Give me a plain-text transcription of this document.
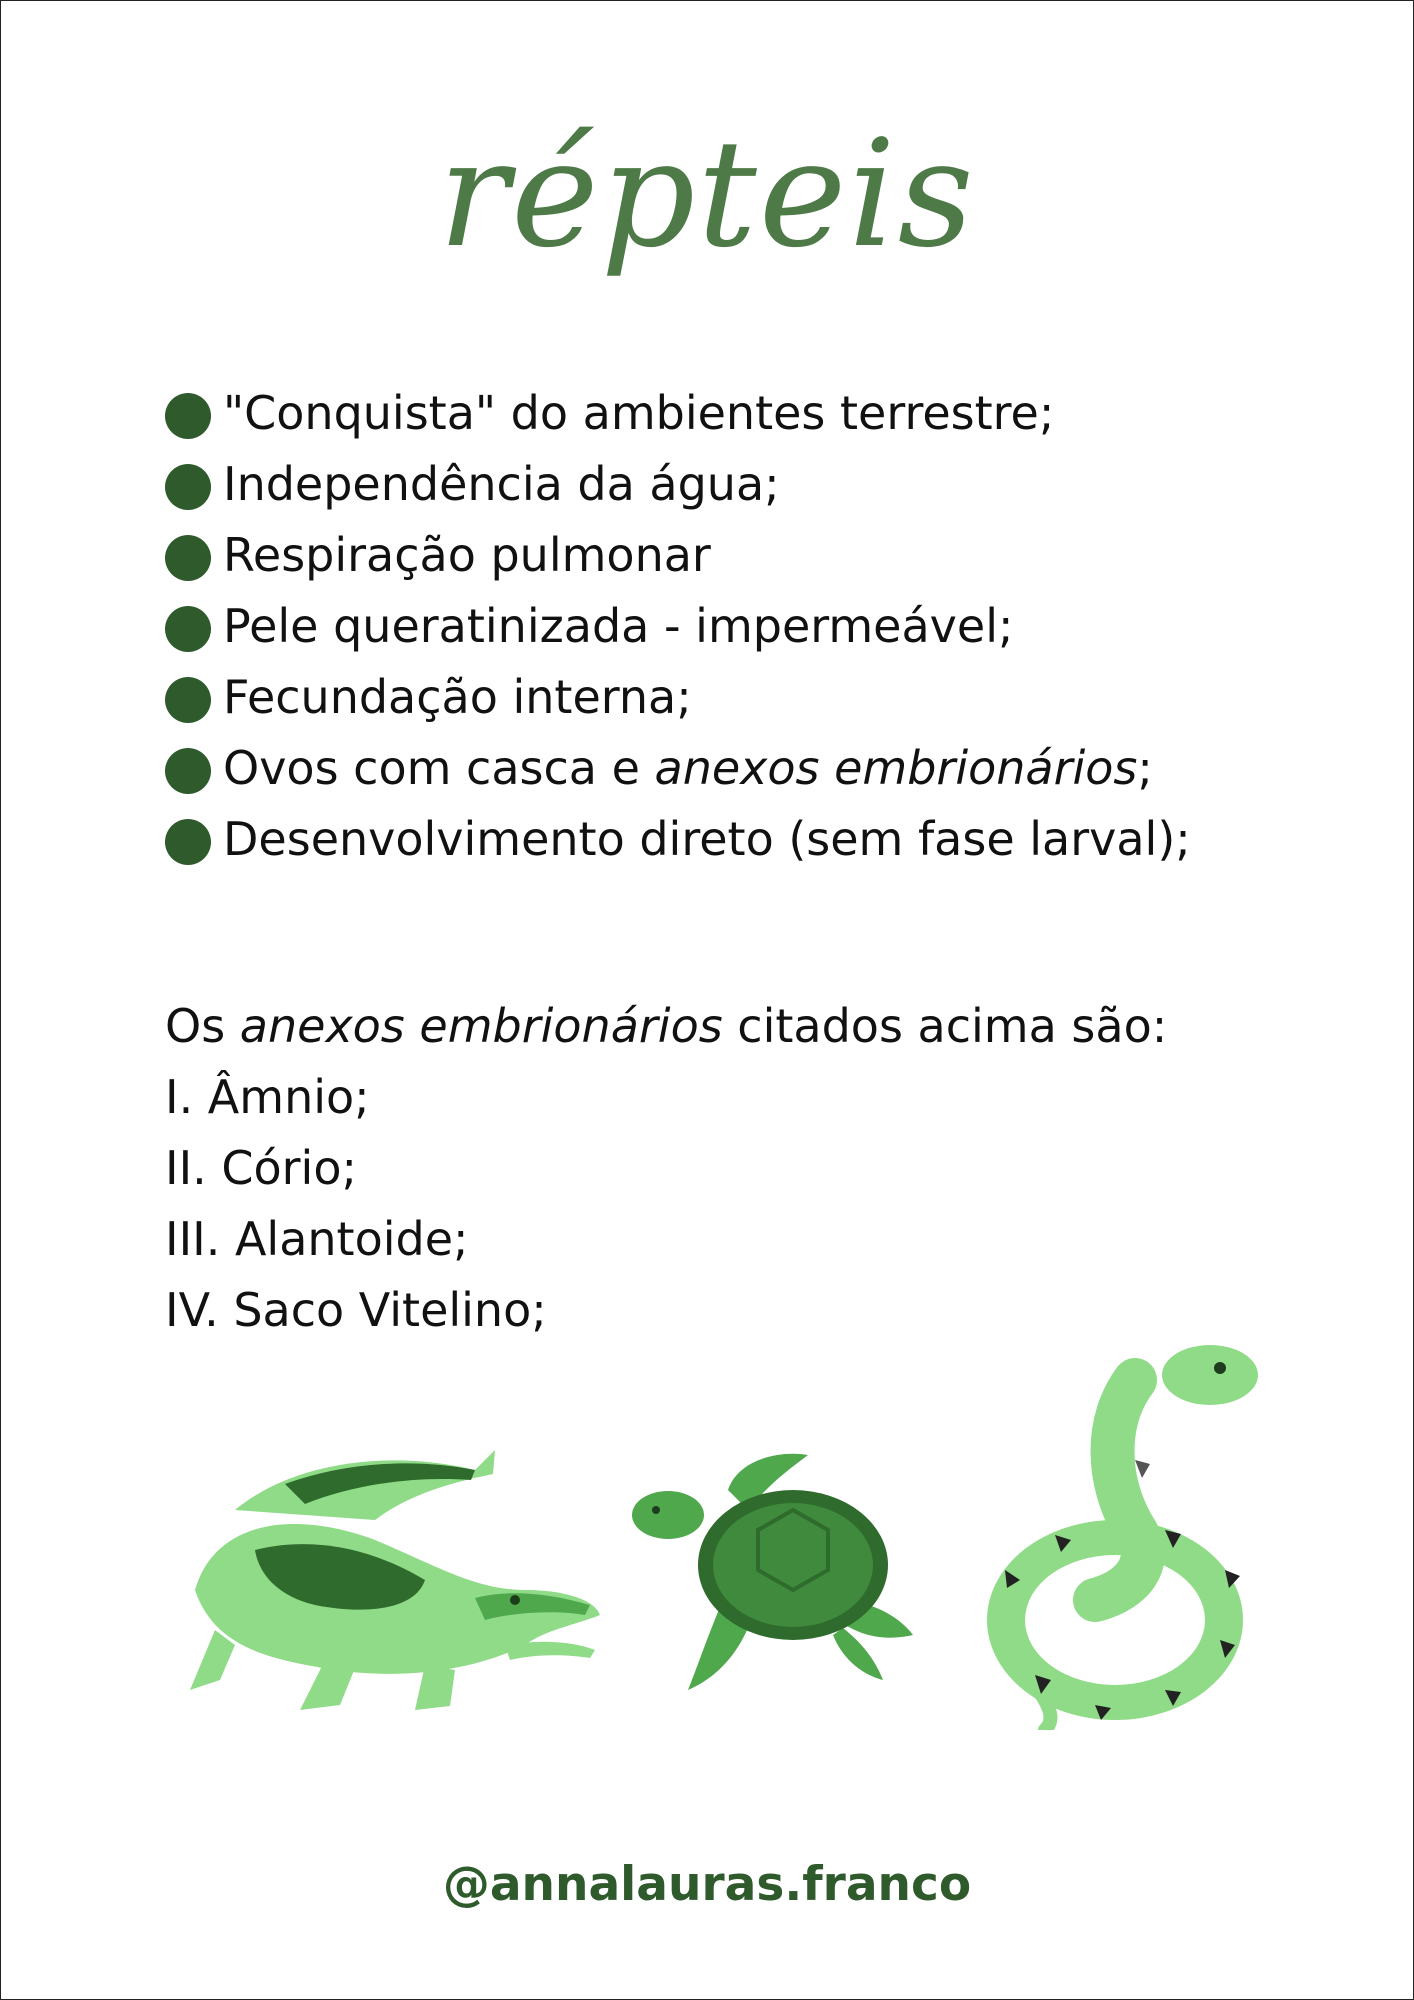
répteis
"Conquista" do ambientes terrestre;
Independência da água;
Respiração pulmonar
Pele queratinizada - impermeável;
Fecundação interna;
Ovos com casca e anexos embrionários;
Desenvolvimento direto (sem fase larval);
Os anexos embrionários citados acima são:
I. Âmnio;
II. Cório;
III. Alantoide;
IV. Saco Vitelino;
@annalauras.franco
